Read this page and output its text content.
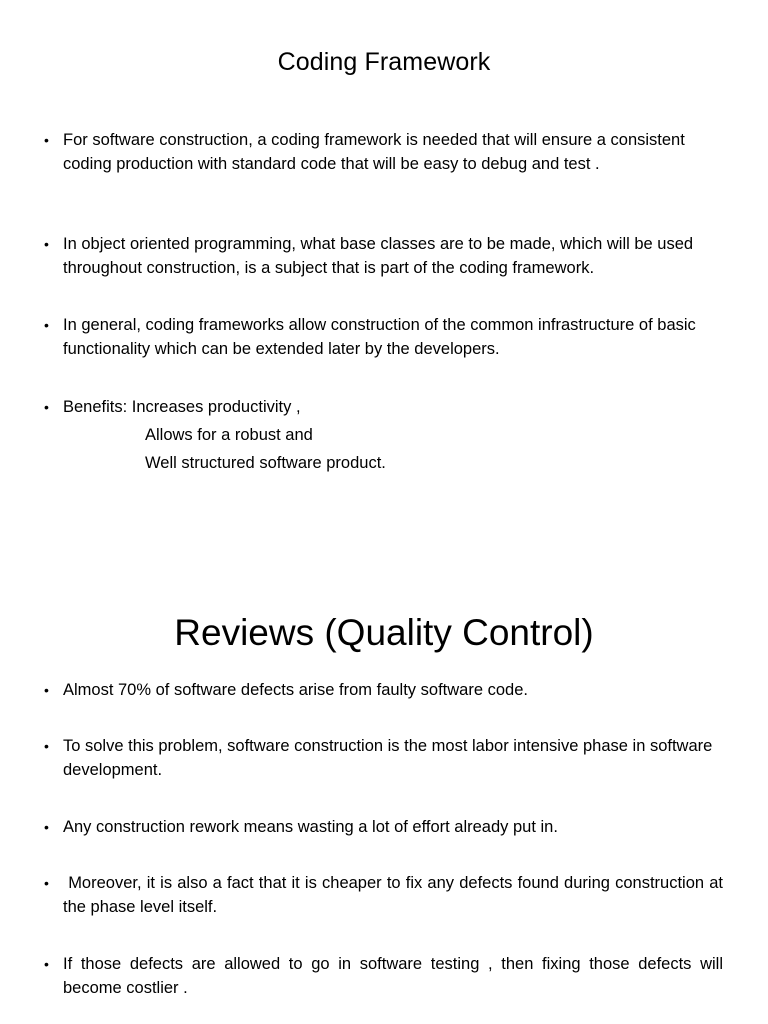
Coding Framework
• For software construction, a coding framework is needed that will ensure a consistent coding production with standard code that will be easy to debug and test .
• In object oriented programming, what base classes are to be made, which will be used throughout construction, is a subject that is part of the coding framework.
• In general, coding frameworks allow construction of the common infrastructure of basic functionality which can be extended later by the developers.
• Benefits: Increases productivity ,
Allows for a robust and
Well structured software product.
Reviews (Quality Control)
• Almost 70% of software defects arise from faulty software code.
• To solve this problem, software construction is the most labor intensive phase in software development.
• Any construction rework means wasting a lot of effort already put in.
• Moreover, it is also a fact that it is cheaper to fix any defects found during construction at the phase level itself.
• If those defects are allowed to go in software testing , then fixing those defects will become costlier .
